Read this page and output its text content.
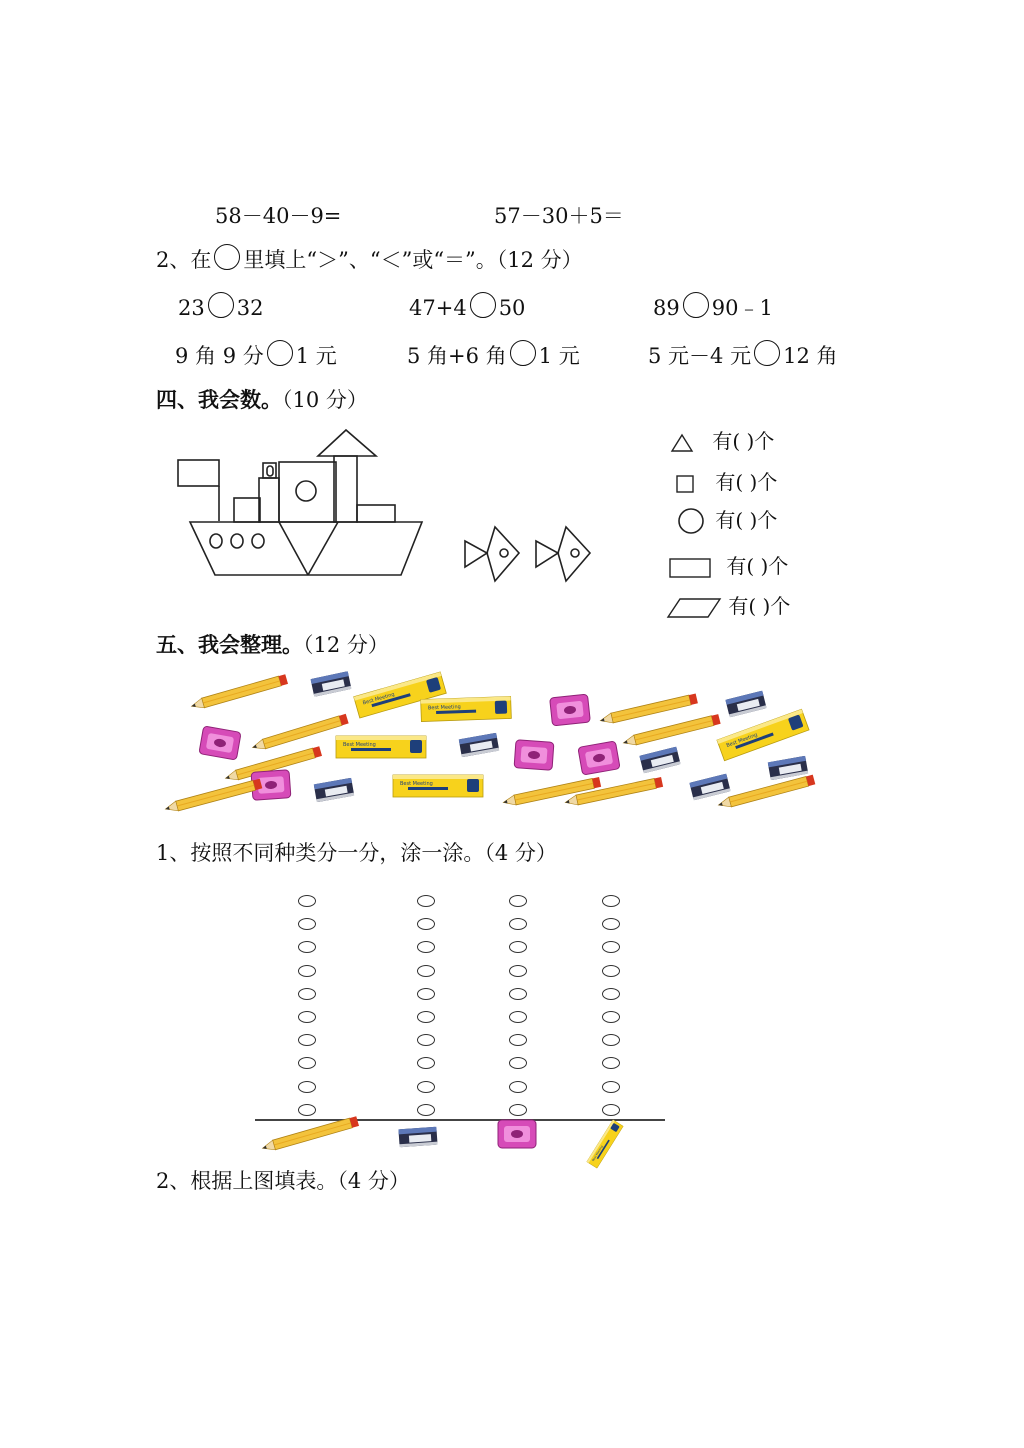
58－40－9=	57－30＋5＝
2、在 里填上“＞”、“＜”或“＝”。（12 分）
23 32	47+4 50	89 90﹣1
9 角 9 分 1 元	5 角+6 角 1 元	5 元－4 元 12 角
四、我会数。（10 分）
有( )个
有( )个
有( )个
有( )个
有( )个
五、我会整理。（12 分）
1、按照不同种类分一分，涂一涂。（4 分）
2、根据上图填表。（4 分）
